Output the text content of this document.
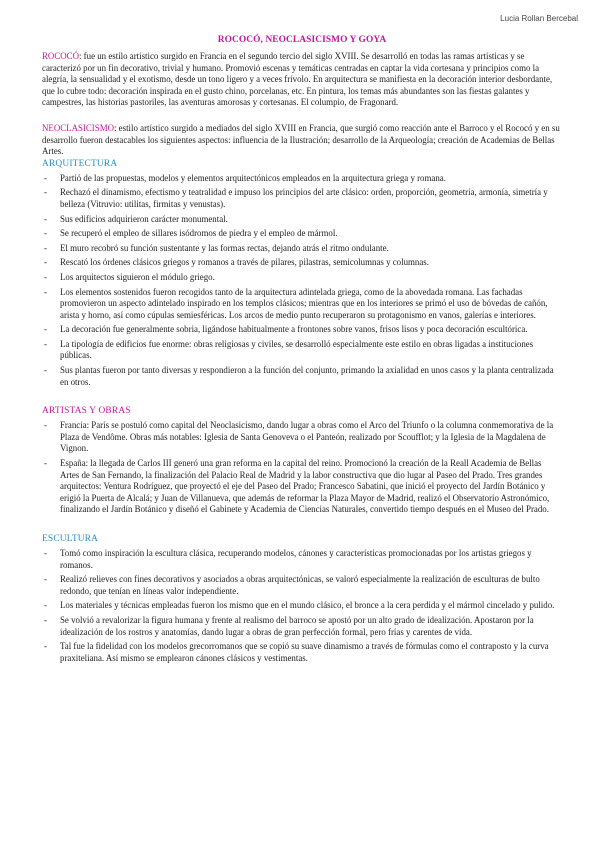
Lucia Rollan Bercebal
ROCOCÓ, NEOCLASICISMO Y GOYA

ROCOCÓ: fue un estilo artístico surgido en Francia en el segundo tercio del siglo XVIII. Se desarrolló en todas las ramas artísticas y se caracterizó por un fin decorativo, trivial y humano. Promovió escenas y temáticas centradas en captar la vida cortesana y principios como la alegría, la sensualidad y el exotismo, desde un tono ligero y a veces frívolo. En arquitectura se manifiesta en la decoración interior desbordante, que lo cubre todo: decoración inspirada en el gusto chino, porcelanas, etc. En pintura, los temas más abundantes son las fiestas galantes y campestres, las historias pastoriles, las aventuras amorosas y cortesanas. El columpio, de Fragonard.

NEOCLASICISMO: estilo artístico surgido a mediados del siglo XVIII en Francia, que surgió como reacción ante el Barroco y el Rococó y en su desarrollo fueron destacables los siguientes aspectos: influencia de la Ilustración; desarrollo de la Arqueología; creación de Academias de Bellas Artes.

ARQUITECTURA
- Partió de las propuestas, modelos y elementos arquitectónicos empleados en la arquitectura griega y romana.
- Rechazó el dinamismo, efectismo y teatralidad e impuso los principios del arte clásico: orden, proporción, geometría, armonía, simetría y belleza (Vitruvio: utilitas, firmitas y venustas).
- Sus edificios adquirieron carácter monumental.
- Se recuperó el empleo de sillares isódromos de piedra y el empleo de mármol.
- El muro recobró su función sustentante y las formas rectas, dejando atrás el ritmo ondulante.
- Rescató los órdenes clásicos griegos y romanos a través de pilares, pilastras, semicolumnas y columnas.
- Los arquitectos siguieron el módulo griego.
- Los elementos sostenidos fueron recogidos tanto de la arquitectura adintelada griega, como de la abovedada romana. Las fachadas promovieron un aspecto adintelado inspirado en los templos clásicos; mientras que en los interiores se primó el uso de bóvedas de cañón, arista y horno, así como cúpulas semiesféricas. Los arcos de medio punto recuperaron su protagonismo en vanos, galerías e interiores.
- La decoración fue generalmente sobria, ligándose habitualmente a frontones sobre vanos, frisos lisos y poca decoración escultórica.
- La tipología de edificios fue enorme: obras religiosas y civiles, se desarrolló especialmente este estilo en obras ligadas a instituciones públicas.
- Sus plantas fueron por tanto diversas y respondieron a la función del conjunto, primando la axialidad en unos casos y la planta centralizada en otros.
ARTISTAS Y OBRAS
- Francia: París se postuló como capital del Neoclasicismo, dando lugar a obras como el Arco del Triunfo o la columna conmemorativa de la Plaza de Vendôme. Obras más notables: Iglesia de Santa Genoveva o el Panteón, realizado por Scoufflot; y la Iglesia de la Magdalena de Vignon.
- España: la llegada de Carlos III generó una gran reforma en la capital del reino. Promocionó la creación de la Reall Academia de Bellas Artes de San Fernando, la finalización del Palacio Real de Madrid y la labor constructiva que dio lugar al Paseo del Prado. Tres grandes arquitectos: Ventura Rodríguez, que proyectó el eje del Paseo del Prado; Francesco Sabatini, que inició el proyecto del Jardín Botánico y erigió la Puerta de Alcalá; y Juan de Villanueva, que además de reformar la Plaza Mayor de Madrid, realizó el Observatorio Astronómico, finalizando el Jardín Botánico y diseñó el Gabinete y Academia de Ciencias Naturales, convertido tiempo después en el Museo del Prado.
ESCULTURA
- Tomó como inspiración la escultura clásica, recuperando modelos, cánones y características promocionadas por los artistas griegos y romanos.
- Realizó relieves con fines decorativos y asociados a obras arquitectónicas, se valoró especialmente la realización de esculturas de bulto redondo, que tenían en líneas valor independiente.
- Los materiales y técnicas empleadas fueron los mismo que en el mundo clásico, el bronce a la cera perdida y el mármol cincelado y pulido.
- Se volvió a revalorizar la figura humana y frente al realismo del barroco se apostó por un alto grado de idealización. Apostaron por la idealización de los rostros y anatomías, dando lugar a obras de gran perfección formal, pero frías y carentes de vida.
- Tal fue la fidelidad con los modelos grecorromanos que se copió su suave dinamismo a través de fórmulas como el contraposto y la curva praxiteliana. Así mismo se emplearon cánones clásicos y vestimentas.
